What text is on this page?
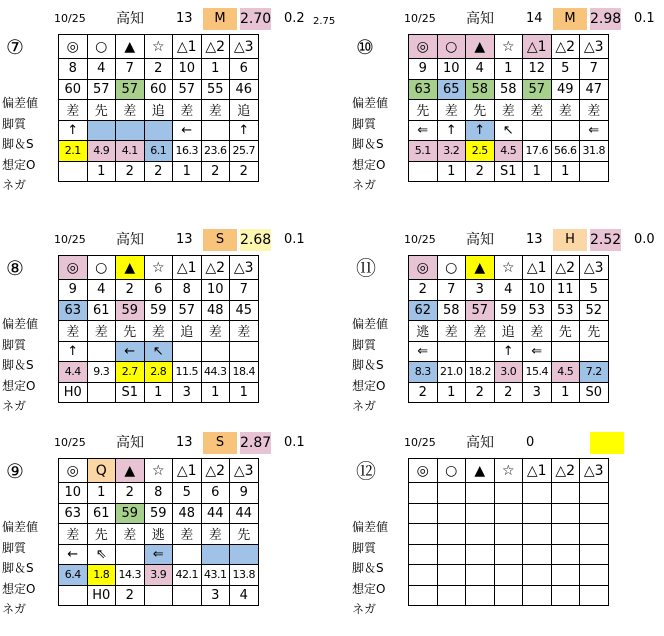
10/25 高知 13	M	2.70 0.2 2.75
⑦
偏差値
脚質
脚＆S
想定O
ネガ
◎	○	▲	☆	△1	△2	△3
8	4	7	2	10	1	6
60	57	57	60	57	55	46
差	先	差	追	差	差	追
↑				←		↑
2.1	4.9	4.1	6.1	16.3	23.6	25.7
	1	2	2	1	2	2
10/25 高知 14	M	2.98 0.1
⑩
偏差値
脚質
脚＆S
想定O
ネガ
◎	○	▲	☆	△1	△2	△3
9	10	4	1	12	5	7
63	65	58	58	57	49	47
先	差	先	差	差	差	差
⇐	↑	↑	↖			⇐
5.1	3.2	2.5	4.5	17.6	56.6	31.8
	1	2	S1	1	1	
10/25 高知 13	S	2.68 0.1
⑧
偏差値
脚質
脚＆S
想定O
ネガ
◎	○	▲	☆	△1	△2	△3
9	4	2	6	8	10	7
63	61	59	59	57	48	45
差	差	先	差	追	差	差
↑		←	↖			
4.4	9.3	2.7	2.8	11.5	44.3	18.4
H0		S1	1	3	1	1
10/25 高知 13	H	2.52 0.0
⑪
偏差値
脚質
脚＆S
想定O
ネガ
◎	○	▲	☆	△1	△2	△3
2	7	3	4	10	11	5
62	58	57	59	53	53	52
逃	差	差	追	差	先	先
⇐			↑	⇐		
8.3	21.0	18.2	3.0	15.4	4.5	7.2
2	1	2	2	3	1	S0
10/25 高知 13	S	2.87 0.1
⑨
偏差値
脚質
脚＆S
想定O
ネガ
◎	Q	▲	☆	△1	△2	△3
10	1	2	8	5	6	9
63	61	59	59	48	44	44
差	先	差	逃	差	差	先
←	⇖		⇐			
6.4	1.8	14.3	3.9	42.1	43.1	13.8
	H0	2			3	4
10/25 高知 0
⑫
偏差値
脚質
脚＆S
想定O
ネガ
◎	○	▲	☆	△1	△2	△3
